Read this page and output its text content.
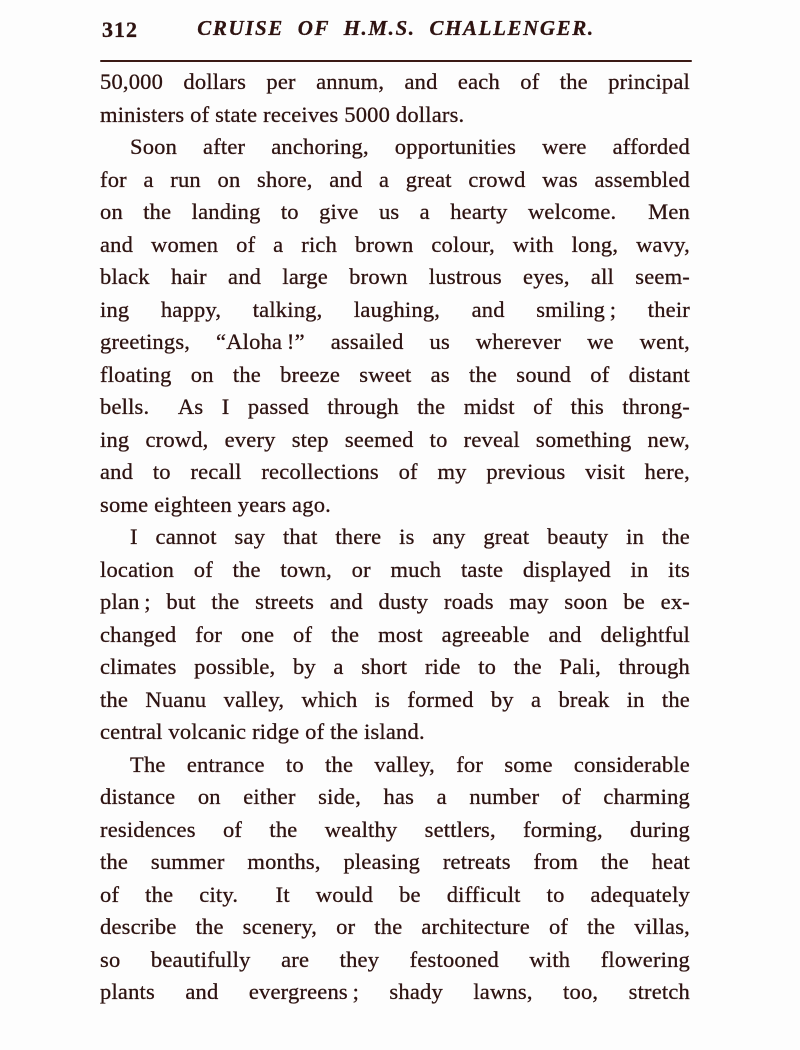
312	CRUISE OF H.M.S. CHALLENGER.
50,000 dollars per annum, and each of the principal
ministers of state receives 5000 dollars.
Soon after anchoring, opportunities were afforded
for a run on shore, and a great crowd was assembled
on the landing to give us a hearty welcome.  Men
and women of a rich brown colour, with long, wavy,
black hair and large brown lustrous eyes, all seem-
ing happy, talking, laughing, and smiling ; their
greetings, “Aloha !” assailed us wherever we went,
floating on the breeze sweet as the sound of distant
bells.  As I passed through the midst of this throng-
ing crowd, every step seemed to reveal something new,
and to recall recollections of my previous visit here,
some eighteen years ago.
I cannot say that there is any great beauty in the
location of the town, or much taste displayed in its
plan ; but the streets and dusty roads may soon be ex-
changed for one of the most agreeable and delightful
climates possible, by a short ride to the Pali, through
the Nuanu valley, which is formed by a break in the
central volcanic ridge of the island.
The entrance to the valley, for some considerable
distance on either side, has a number of charming
residences of the wealthy settlers, forming, during
the summer months, pleasing retreats from the heat
of the city.  It would be difficult to adequately
describe the scenery, or the architecture of the villas,
so beautifully are they festooned with flowering
plants and evergreens ; shady lawns, too, stretch
